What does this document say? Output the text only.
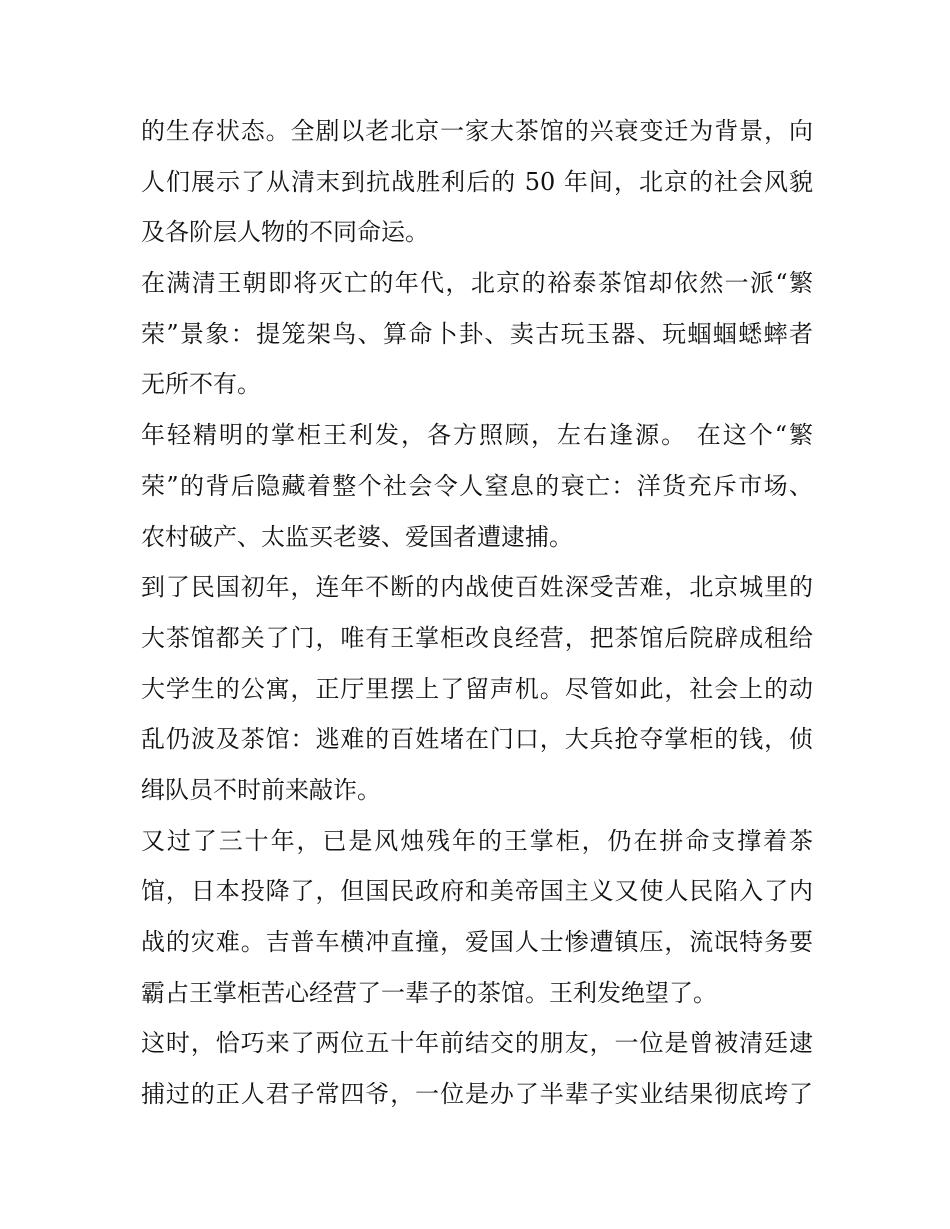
的生存状态。全剧以老北京一家大茶馆的兴衰变迁为背景，向
人们展示了从清末到抗战胜利后的 50 年间，北京的社会风貌
及各阶层人物的不同命运。
在满清王朝即将灭亡的年代，北京的裕泰茶馆却依然一派“繁
荣”景象：提笼架鸟、算命卜卦、卖古玩玉器、玩蝈蝈蟋蟀者
无所不有。
年轻精明的掌柜王利发，各方照顾，左右逢源。 在这个“繁
荣”的背后隐藏着整个社会令人窒息的衰亡：洋货充斥市场、
农村破产、太监买老婆、爱国者遭逮捕。
到了民国初年，连年不断的内战使百姓深受苦难，北京城里的
大茶馆都关了门，唯有王掌柜改良经营，把茶馆后院辟成租给
大学生的公寓，正厅里摆上了留声机。尽管如此，社会上的动
乱仍波及茶馆：逃难的百姓堵在门口，大兵抢夺掌柜的钱，侦
缉队员不时前来敲诈。
又过了三十年，已是风烛残年的王掌柜，仍在拼命支撑着茶
馆，日本投降了，但国民政府和美帝国主义又使人民陷入了内
战的灾难。吉普车横冲直撞，爱国人士惨遭镇压，流氓特务要
霸占王掌柜苦心经营了一辈子的茶馆。王利发绝望了。
这时，恰巧来了两位五十年前结交的朋友，一位是曾被清廷逮
捕过的正人君子常四爷，一位是办了半辈子实业结果彻底垮了
